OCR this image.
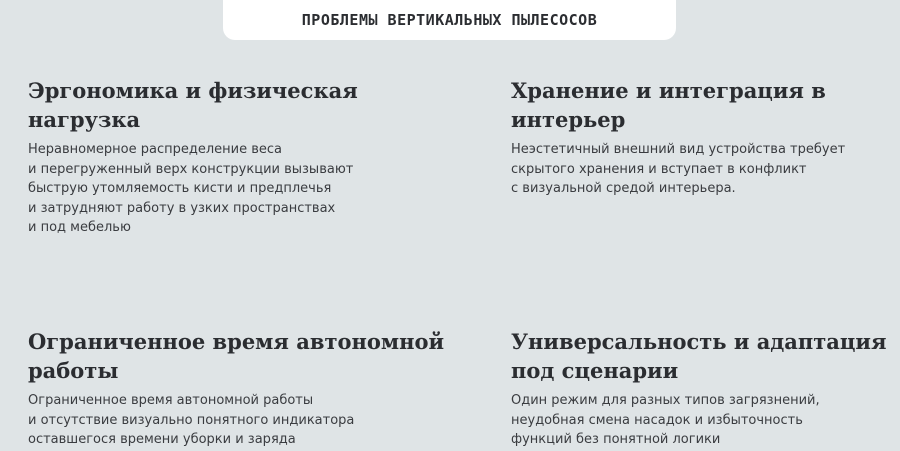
ПРОБЛЕМЫ ВЕРТИКАЛЬНЫХ ПЫЛЕСОСОВ
Эргономика и физическая нагрузка

Неравномерное распределение веса
и перегруженный верх конструкции вызывают
быструю утомляемость кисти и предплечья
и затрудняют работу в узких пространствах
и под мебелью

Хранение и интеграция в интерьер

Неэстетичный внешний вид устройства требует
скрытого хранения и вступает в конфликт
с визуальной средой интерьера.

Ограниченное время автономной
работы

Ограниченное время автономной работы
и отсутствие визуально понятного индикатора
оставшегося времени уборки и заряда

Универсальность и адаптация
под сценарии

Один режим для разных типов загрязнений,
неудобная смена насадок и избыточность
функций без понятной логики
